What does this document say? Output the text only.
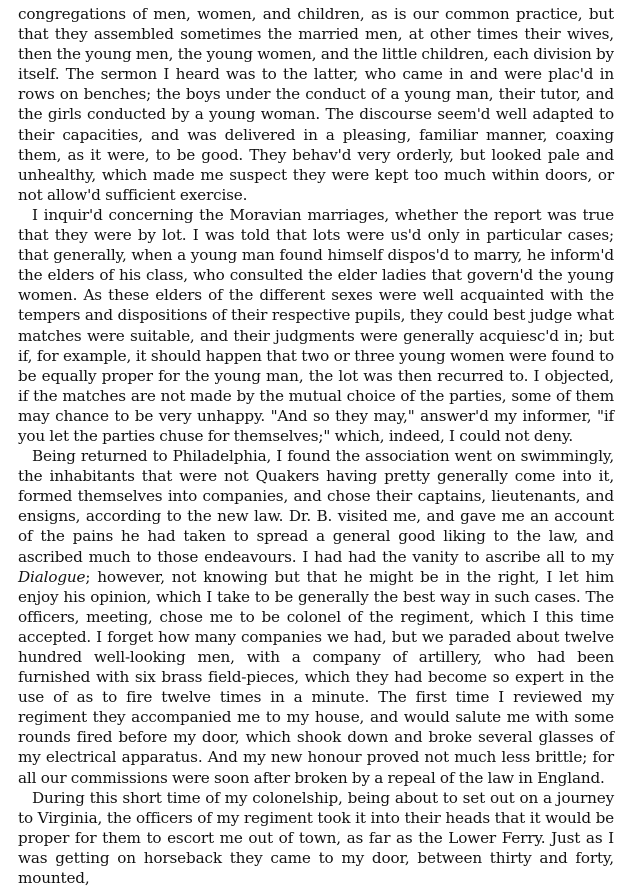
congregations of men, women, and children, as is our common practice, but that they assembled sometimes the married men, at other times their wives, then the young men, the young women, and the little children, each division by itself. The sermon I heard was to the latter, who came in and were plac'd in rows on benches; the boys under the conduct of a young man, their tutor, and the girls conducted by a young woman. The discourse seem'd well adapted to their capacities, and was delivered in a pleasing, familiar manner, coaxing them, as it were, to be good. They behav'd very orderly, but looked pale and unhealthy, which made me suspect they were kept too much within doors, or not allow'd sufficient exercise.

I inquir'd concerning the Moravian marriages, whether the report was true that they were by lot. I was told that lots were us'd only in particular cases; that generally, when a young man found himself dispos'd to marry, he inform'd the elders of his class, who consulted the elder ladies that govern'd the young women. As these elders of the different sexes were well acquainted with the tempers and dispositions of their respective pupils, they could best judge what matches were suitable, and their judgments were generally acquiesc'd in; but if, for example, it should happen that two or three young women were found to be equally proper for the young man, the lot was then recurred to. I objected, if the matches are not made by the mutual choice of the parties, some of them may chance to be very unhappy. "And so they may," answer'd my informer, "if you let the parties chuse for themselves;" which, indeed, I could not deny.

Being returned to Philadelphia, I found the association went on swimmingly, the inhabitants that were not Quakers having pretty generally come into it, formed themselves into companies, and chose their captains, lieutenants, and ensigns, according to the new law. Dr. B. visited me, and gave me an account of the pains he had taken to spread a general good liking to the law, and ascribed much to those endeavours. I had had the vanity to ascribe all to my Dialogue; however, not knowing but that he might be in the right, I let him enjoy his opinion, which I take to be generally the best way in such cases. The officers, meeting, chose me to be colonel of the regiment, which I this time accepted. I forget how many companies we had, but we paraded about twelve hundred well-looking men, with a company of artillery, who had been furnished with six brass field-pieces, which they had become so expert in the use of as to fire twelve times in a minute. The first time I reviewed my regiment they accompanied me to my house, and would salute me with some rounds fired before my door, which shook down and broke several glasses of my electrical apparatus. And my new honour proved not much less brittle; for all our commissions were soon after broken by a repeal of the law in England.

During this short time of my colonelship, being about to set out on a journey to Virginia, the officers of my regiment took it into their heads that it would be proper for them to escort me out of town, as far as the Lower Ferry. Just as I was getting on horseback they came to my door, between thirty and forty, mounted,
